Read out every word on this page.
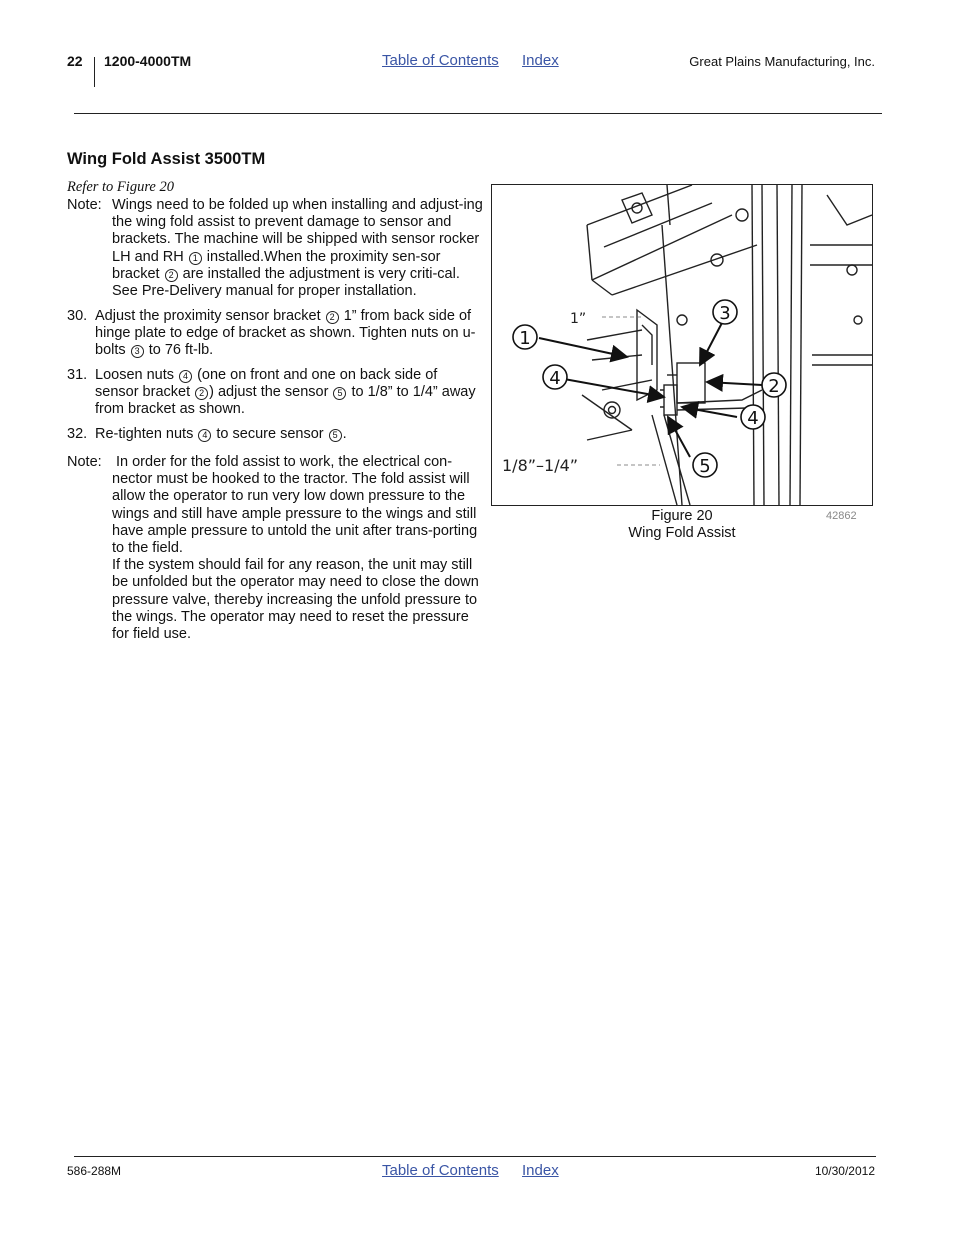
22 1200-4000TM	Table of Contents Index	Great Plains Manufacturing, Inc.
Wing Fold Assist 3500TM
Refer to Figure 20
Note: Wings need to be folded up when installing and adjust-ing the wing fold assist to prevent damage to sensor and brackets. The machine will be shipped with sensor rocker LH and RH 1 installed.When the proximity sen-sor bracket 2 are installed the adjustment is very criti-cal. See Pre-Delivery manual for proper installation.
30. Adjust the proximity sensor bracket 2 1” from back side of hinge plate to edge of bracket as shown. Tighten nuts on u-bolts 3 to 76 ft-lb.
31. Loosen nuts 4 (one on front and one on back side of sensor bracket 2 ) adjust the sensor 5 to 1/8” to 1/4” away from bracket as shown.
32. Re-tighten nuts 4 to secure sensor 5 .
Note: In order for the fold assist to work, the electrical con-nector must be hooked to the tractor. The fold assist will allow the operator to run very low down pressure to the wings and still have ample pressure to the wings and still have ample pressure to untold the unit after trans-porting to the field.
If the system should fail for any reason, the unit may still be unfolded but the operator may need to close the down pressure valve, thereby increasing the unfold pressure to the wings. The operator may need to reset the pressure for field use.
1”
1/8”–1/4”
1
2
3
4
4
5
Figure 20
Wing Fold Assist
42862
586-288M	Table of Contents Index	10/30/2012
